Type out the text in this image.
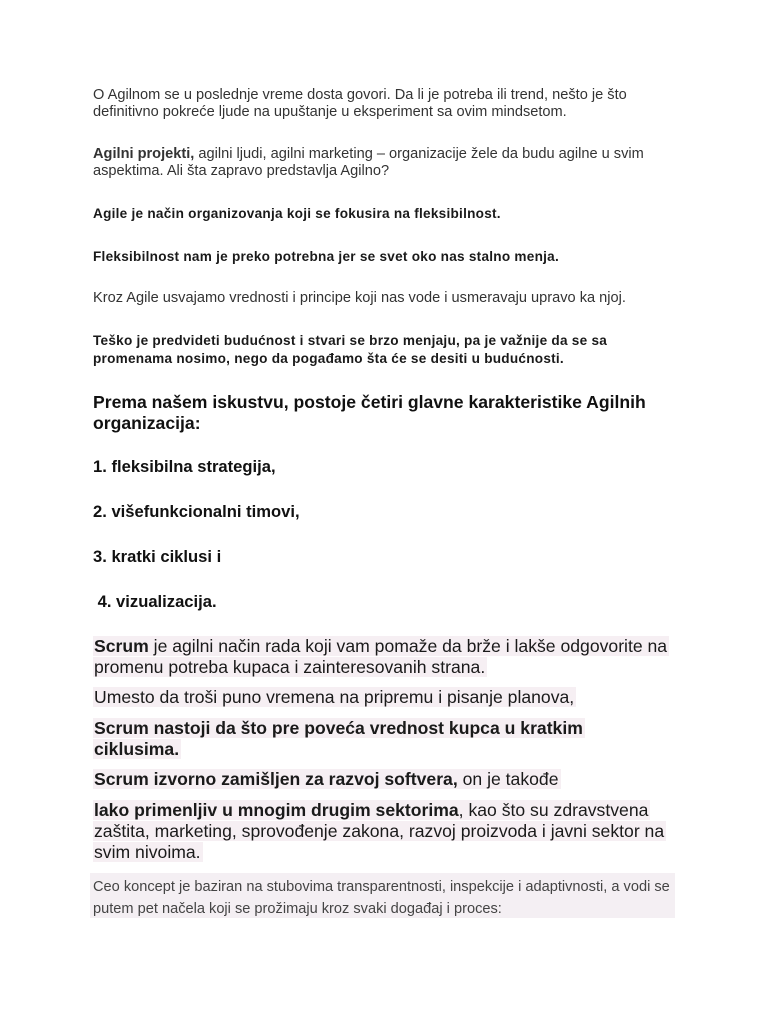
O Agilnom se u poslednje vreme dosta govori. Da li je potreba ili trend, nešto je što definitivno pokreće ljude na upuštanje u eksperiment sa ovim mindsetom.

Agilni projekti, agilni ljudi, agilni marketing – organizacije žele da budu agilne u svim aspektima. Ali šta zapravo predstavlja Agilno?

Agile je način organizovanja koji se fokusira na fleksibilnost.

Fleksibilnost nam je preko potrebna jer se svet oko nas stalno menja.

Kroz Agile usvajamo vrednosti i principe koji nas vode i usmeravaju upravo ka njoj.

Teško je predvideti budućnost i stvari se brzo menjaju, pa je važnije da se sa promenama nosimo, nego da pogađamo šta će se desiti u budućnosti.

Prema našem iskustvu, postoje četiri glavne karakteristike Agilnih organizacija:

1. fleksibilna strategija,

2. višefunkcionalni timovi,

3. kratki ciklusi i

4. vizualizacija.

Scrum je agilni način rada koji vam pomaže da brže i lakše odgovorite na promenu potreba kupaca i zainteresovanih strana.

Umesto da troši puno vremena na pripremu i pisanje planova,

Scrum nastoji da što pre poveća vrednost kupca u kratkim ciklusima.

Scrum izvorno zamišljen za razvoj softvera, on je takođe

lako primenljiv u mnogim drugim sektorima, kao što su zdravstvena zaštita, marketing, sprovođenje zakona, razvoj proizvoda i javni sektor na svim nivoima.

Ceo koncept je baziran na stubovima transparentnosti, inspekcije i adaptivnosti, a vodi se putem pet načela koji se prožimaju kroz svaki događaj i proces:
